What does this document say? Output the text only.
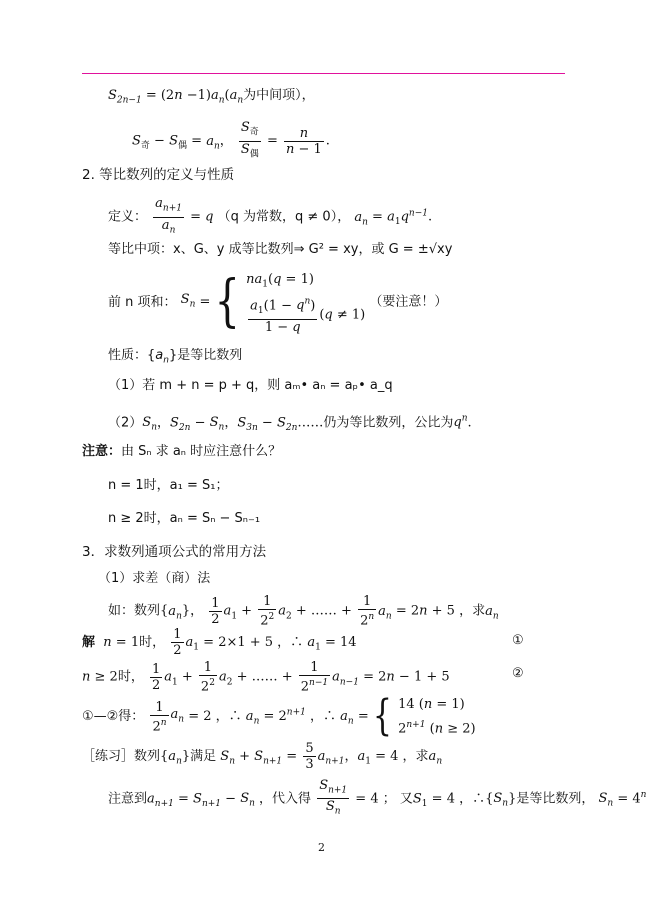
$S_{2n-1} = (2n -1)a_n(a_n$为中间项），
$S_奇 - S_偶 = a_n$， $\frac{S_奇}{S_偶} = \frac{n}{n - 1}$ .
2. 等比数列的定义与性质
定义： $\frac{a_{n+1}}{a_n} = q$ （q 为常数，q ≠ 0）， $a_n = a_1q^{n-1}$.
等比中项：x、G、y 成等比数列⇒ G² = xy，或 G = ±√xy
前 n 项和： $S_n$ = { $na_1(q = 1)$
$\frac{a_1(1 - q^n)}{1 - q} (q \ne 1)$
（要注意！）
性质：$\{a_n\}$是等比数列
（1）若 m + n = p + q，则 aₘ• aₙ = aₚ• a_q
$(2)S_n$，$S_{2n} - S_n$，$S_{3n}$ − $S_{2n}\dots\dots$仍为等比数列，公比为$q^n$.
注意：由 Sₙ 求 aₙ 时应注意什么？
n = 1时，a₁ = S₁；
n ≥ 2时，aₙ = Sₙ − Sₙ₋₁
3．求数列通项公式的常用方法
（1）求差（商）法
如：数列$\{a_n\}$， $\frac{1}{2} a_1 + \frac{1}{2^2} a_2$ + …… + $\frac{1}{2^n} a_n = 2n + 5$ ，求$a_n$
解 n = 1时， $\frac{1}{2} a_1 = 2\times 1 + 5$ ，∴ $a_1 = 14$	①
n ≥ 2时， $\frac{1}{2} a_1 + \frac{1}{2^2} a_2$ + …… + $\frac{1}{2^{n-1}} a_{n-1} = 2n - 1 + 5$	②
①—②得： $\frac{1}{2^n} a_n = 2$ ，∴ $a_n = 2^{n+1}$ ，∴ $a_n$ = { 14 (n = 1)
$2^{n+1}$ (n ≥ 2)
［练习］数列$\{a_n\}$满足 $S_n + S_{n+1} = \frac{5}{3} a_{n+1}$，$a_1 = 4$ ，求$a_n$
注意到$a_{n+1} = S_{n+1} - S_n$ ，代入得 $\frac{S_{n+1}}{S_n} = 4$ ； 又$S_1 = 4$ ，$\therefore\{S_n\}$是等比数列， $S_n = 4^n$
2
